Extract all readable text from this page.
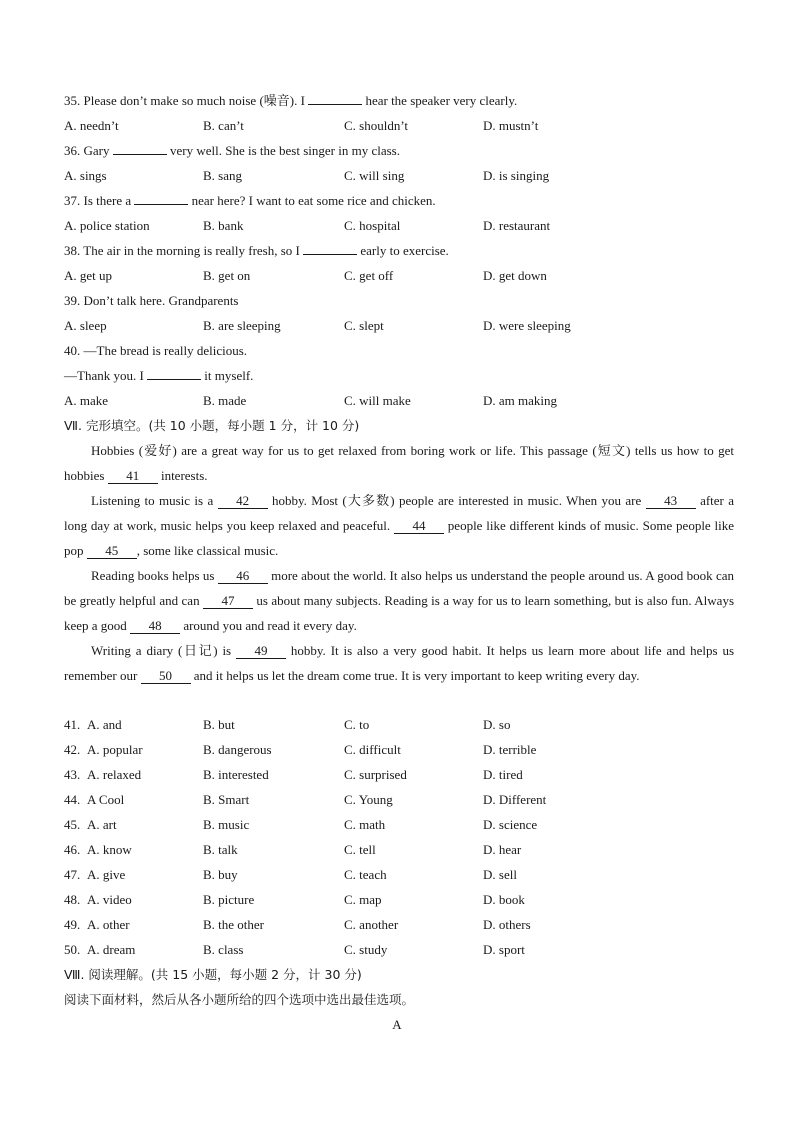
35. Please don’t make so much noise (噪音). I	hear the speaker very clearly.
A. needn’t	B. can’t	C. shouldn’t	D. mustn’t
36. Gary	very well. She is the best singer in my class.
A. sings	B. sang	C. will sing	D. is singing
37. Is there a	near here? I want to eat some rice and chicken.
A. police station	B. bank	C. hospital	D. restaurant
38. The air in the morning is really fresh, so I	early to exercise.
A. get up	B. get on	C. get off	D. get down
39. Don’t talk here. Grandparents
A. sleep	B. are sleeping	C. slept	D. were sleeping
40. —The bread is really delicious.
—Thank you. I	it myself.
A. make	B. made	C. will make	D. am making
Ⅶ. 完形填空。(共 10 小题，每小题 1 分，计 10 分)
Hobbies (爱好) are a great way for us to get relaxed from boring work or life. This passage (短文) tells us how to get hobbies 41 interests.
Listening to music is a 42 hobby. Most (大多数) people are interested in music. When you are 43 after a long day at work, music helps you keep relaxed and peaceful. 44 people like different kinds of music. Some people like pop 45 , some like classical music.
Reading books helps us 46 more about the world. It also helps us understand the people around us. A good book can be greatly helpful and can 47 us about many subjects. Reading is a way for us to learn something, but is also fun. Always keep a good 48 around you and read it every day.
Writing a diary (日记) is 49 hobby. It is also a very good habit. It helps us learn more about life and helps us remember our 50 and it helps us let the dream come true. It is very important to keep writing every day.
41. A. and	B. but	C. to	D. so
42. A. popular	B. dangerous	C. difficult	D. terrible
43. A. relaxed	B. interested	C. surprised	D. tired
44. A Cool	B. Smart	C. Young	D. Different
45. A. art	B. music	C. math	D. science
46. A. know	B. talk	C. tell	D. hear
47. A. give	B. buy	C. teach	D. sell
48. A. video	B. picture	C. map	D. book
49. A. other	B. the other	C. another	D. others
50. A. dream	B. class	C. study	D. sport
Ⅷ. 阅读理解。(共 15 小题，每小题 2 分，计 30 分)
阅读下面材料，然后从各小题所给的四个选项中选出最佳选项。
A
